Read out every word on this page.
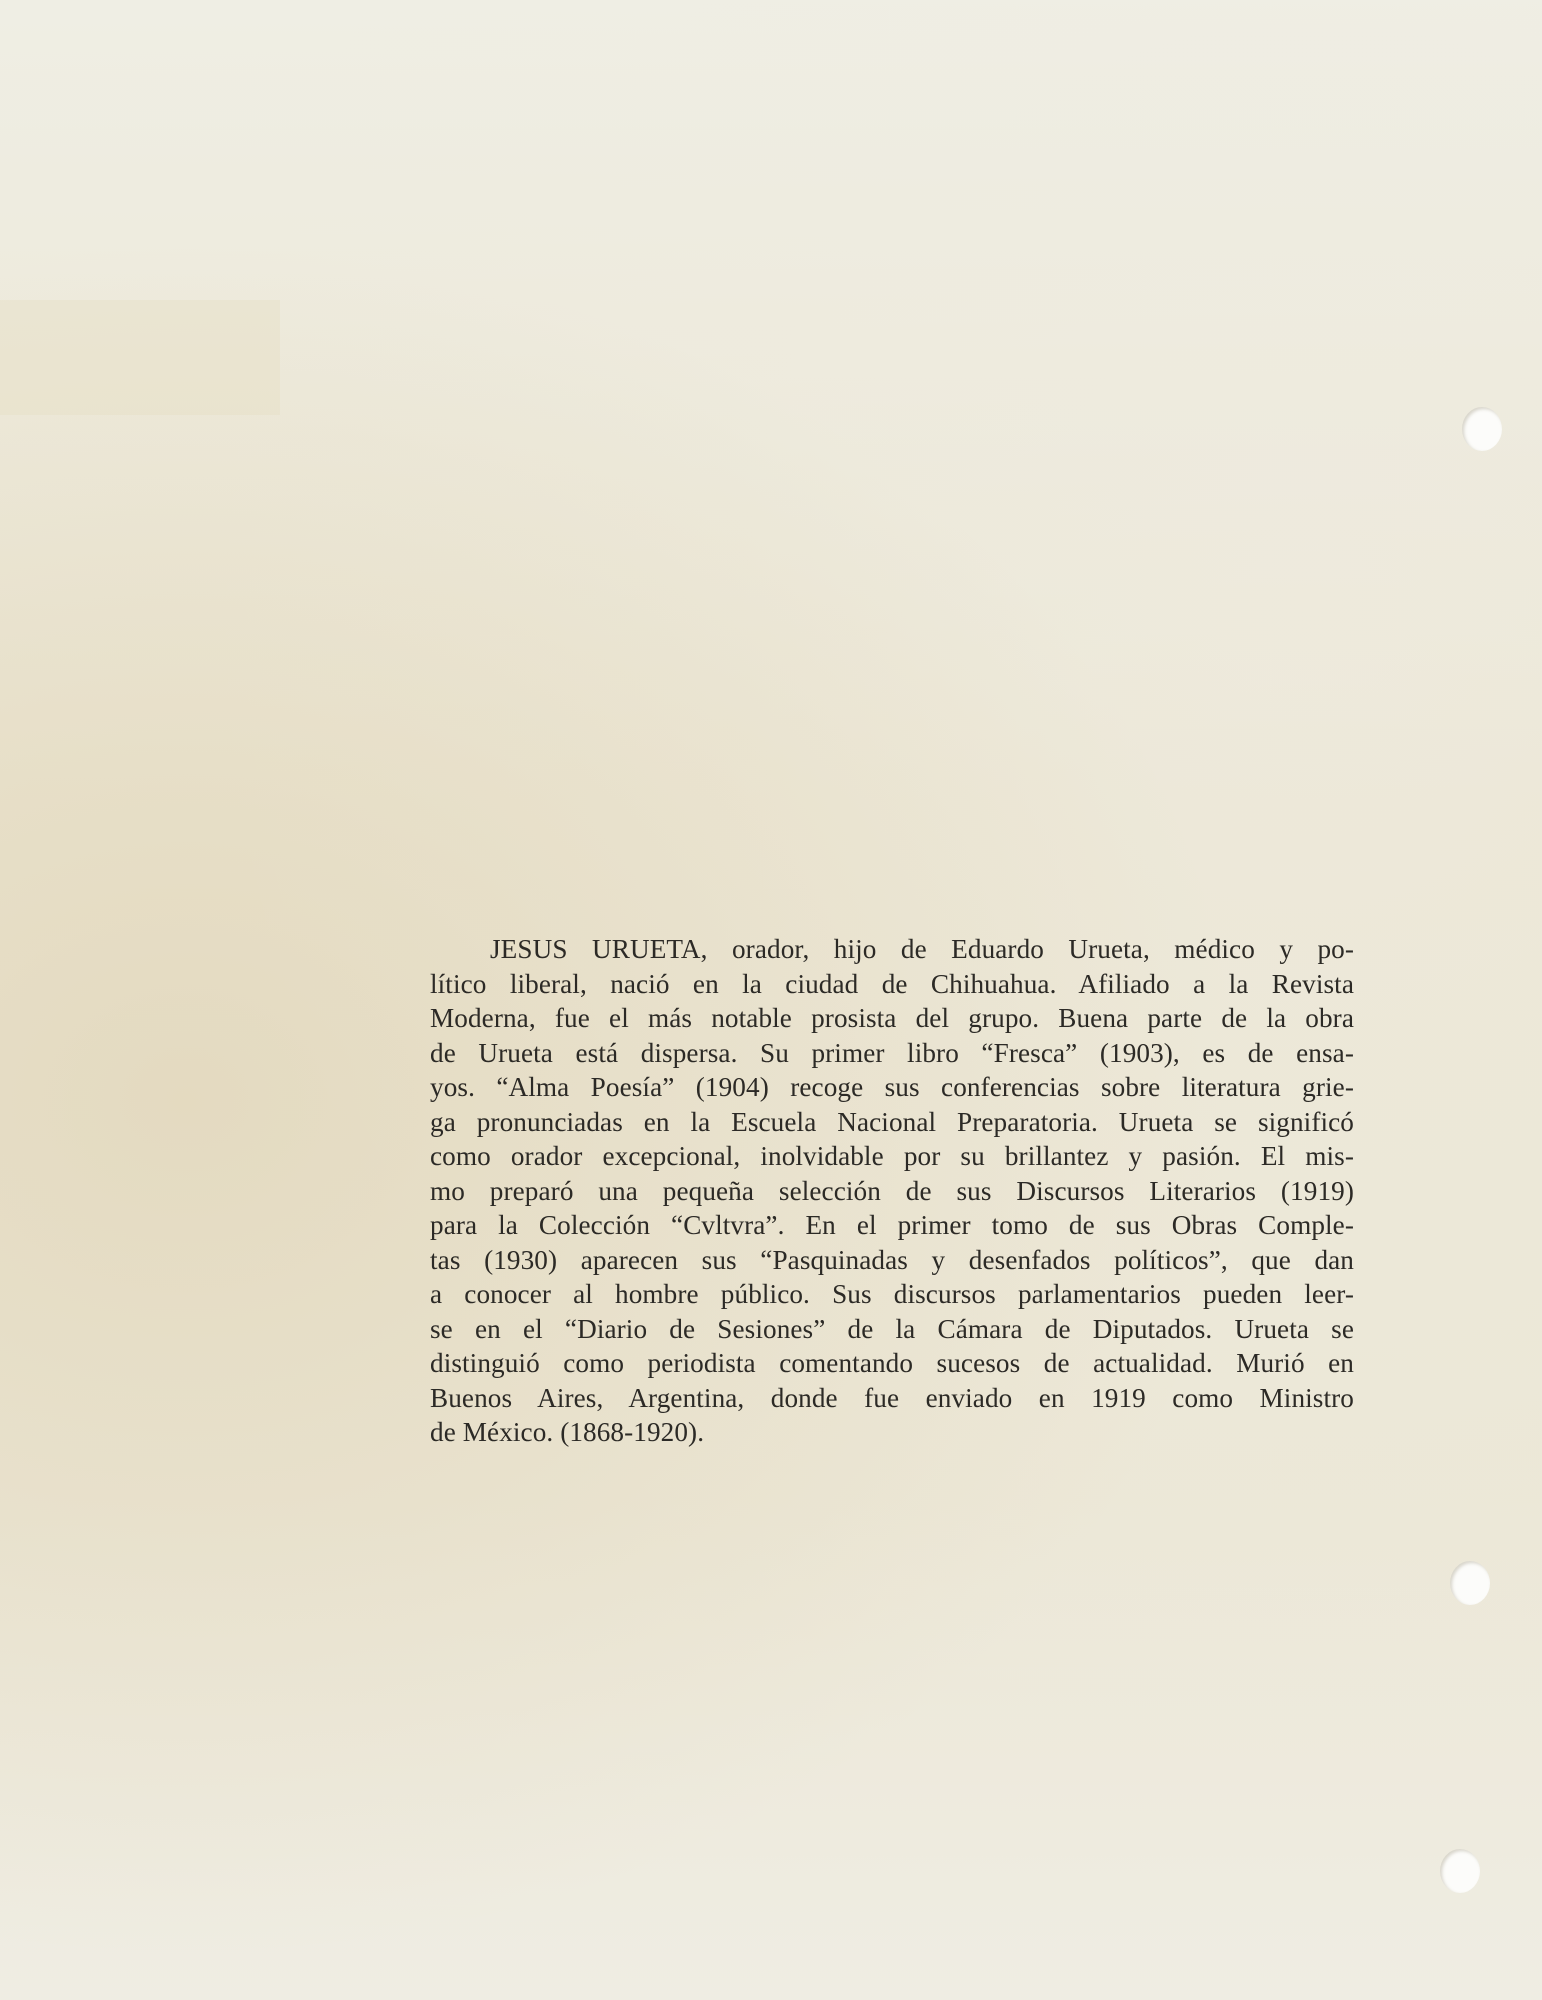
JESUS URUETA, orador, hijo de Eduardo Urueta, médico y po-
lítico liberal, nació en la ciudad de Chihuahua. Afiliado a la Revista
Moderna, fue el más notable prosista del grupo. Buena parte de la obra
de Urueta está dispersa. Su primer libro “Fresca” (1903), es de ensa-
yos. “Alma Poesía” (1904) recoge sus conferencias sobre literatura grie-
ga pronunciadas en la Escuela Nacional Preparatoria. Urueta se significó
como orador excepcional, inolvidable por su brillantez y pasión. El mis-
mo preparó una pequeña selección de sus Discursos Literarios (1919)
para la Colección “Cvltvra”. En el primer tomo de sus Obras Comple-
tas (1930) aparecen sus “Pasquinadas y desenfados políticos”, que dan
a conocer al hombre público. Sus discursos parlamentarios pueden leer-
se en el “Diario de Sesiones” de la Cámara de Diputados. Urueta se
distinguió como periodista comentando sucesos de actualidad. Murió en
Buenos Aires, Argentina, donde fue enviado en 1919 como Ministro
de México. (1868-1920).
